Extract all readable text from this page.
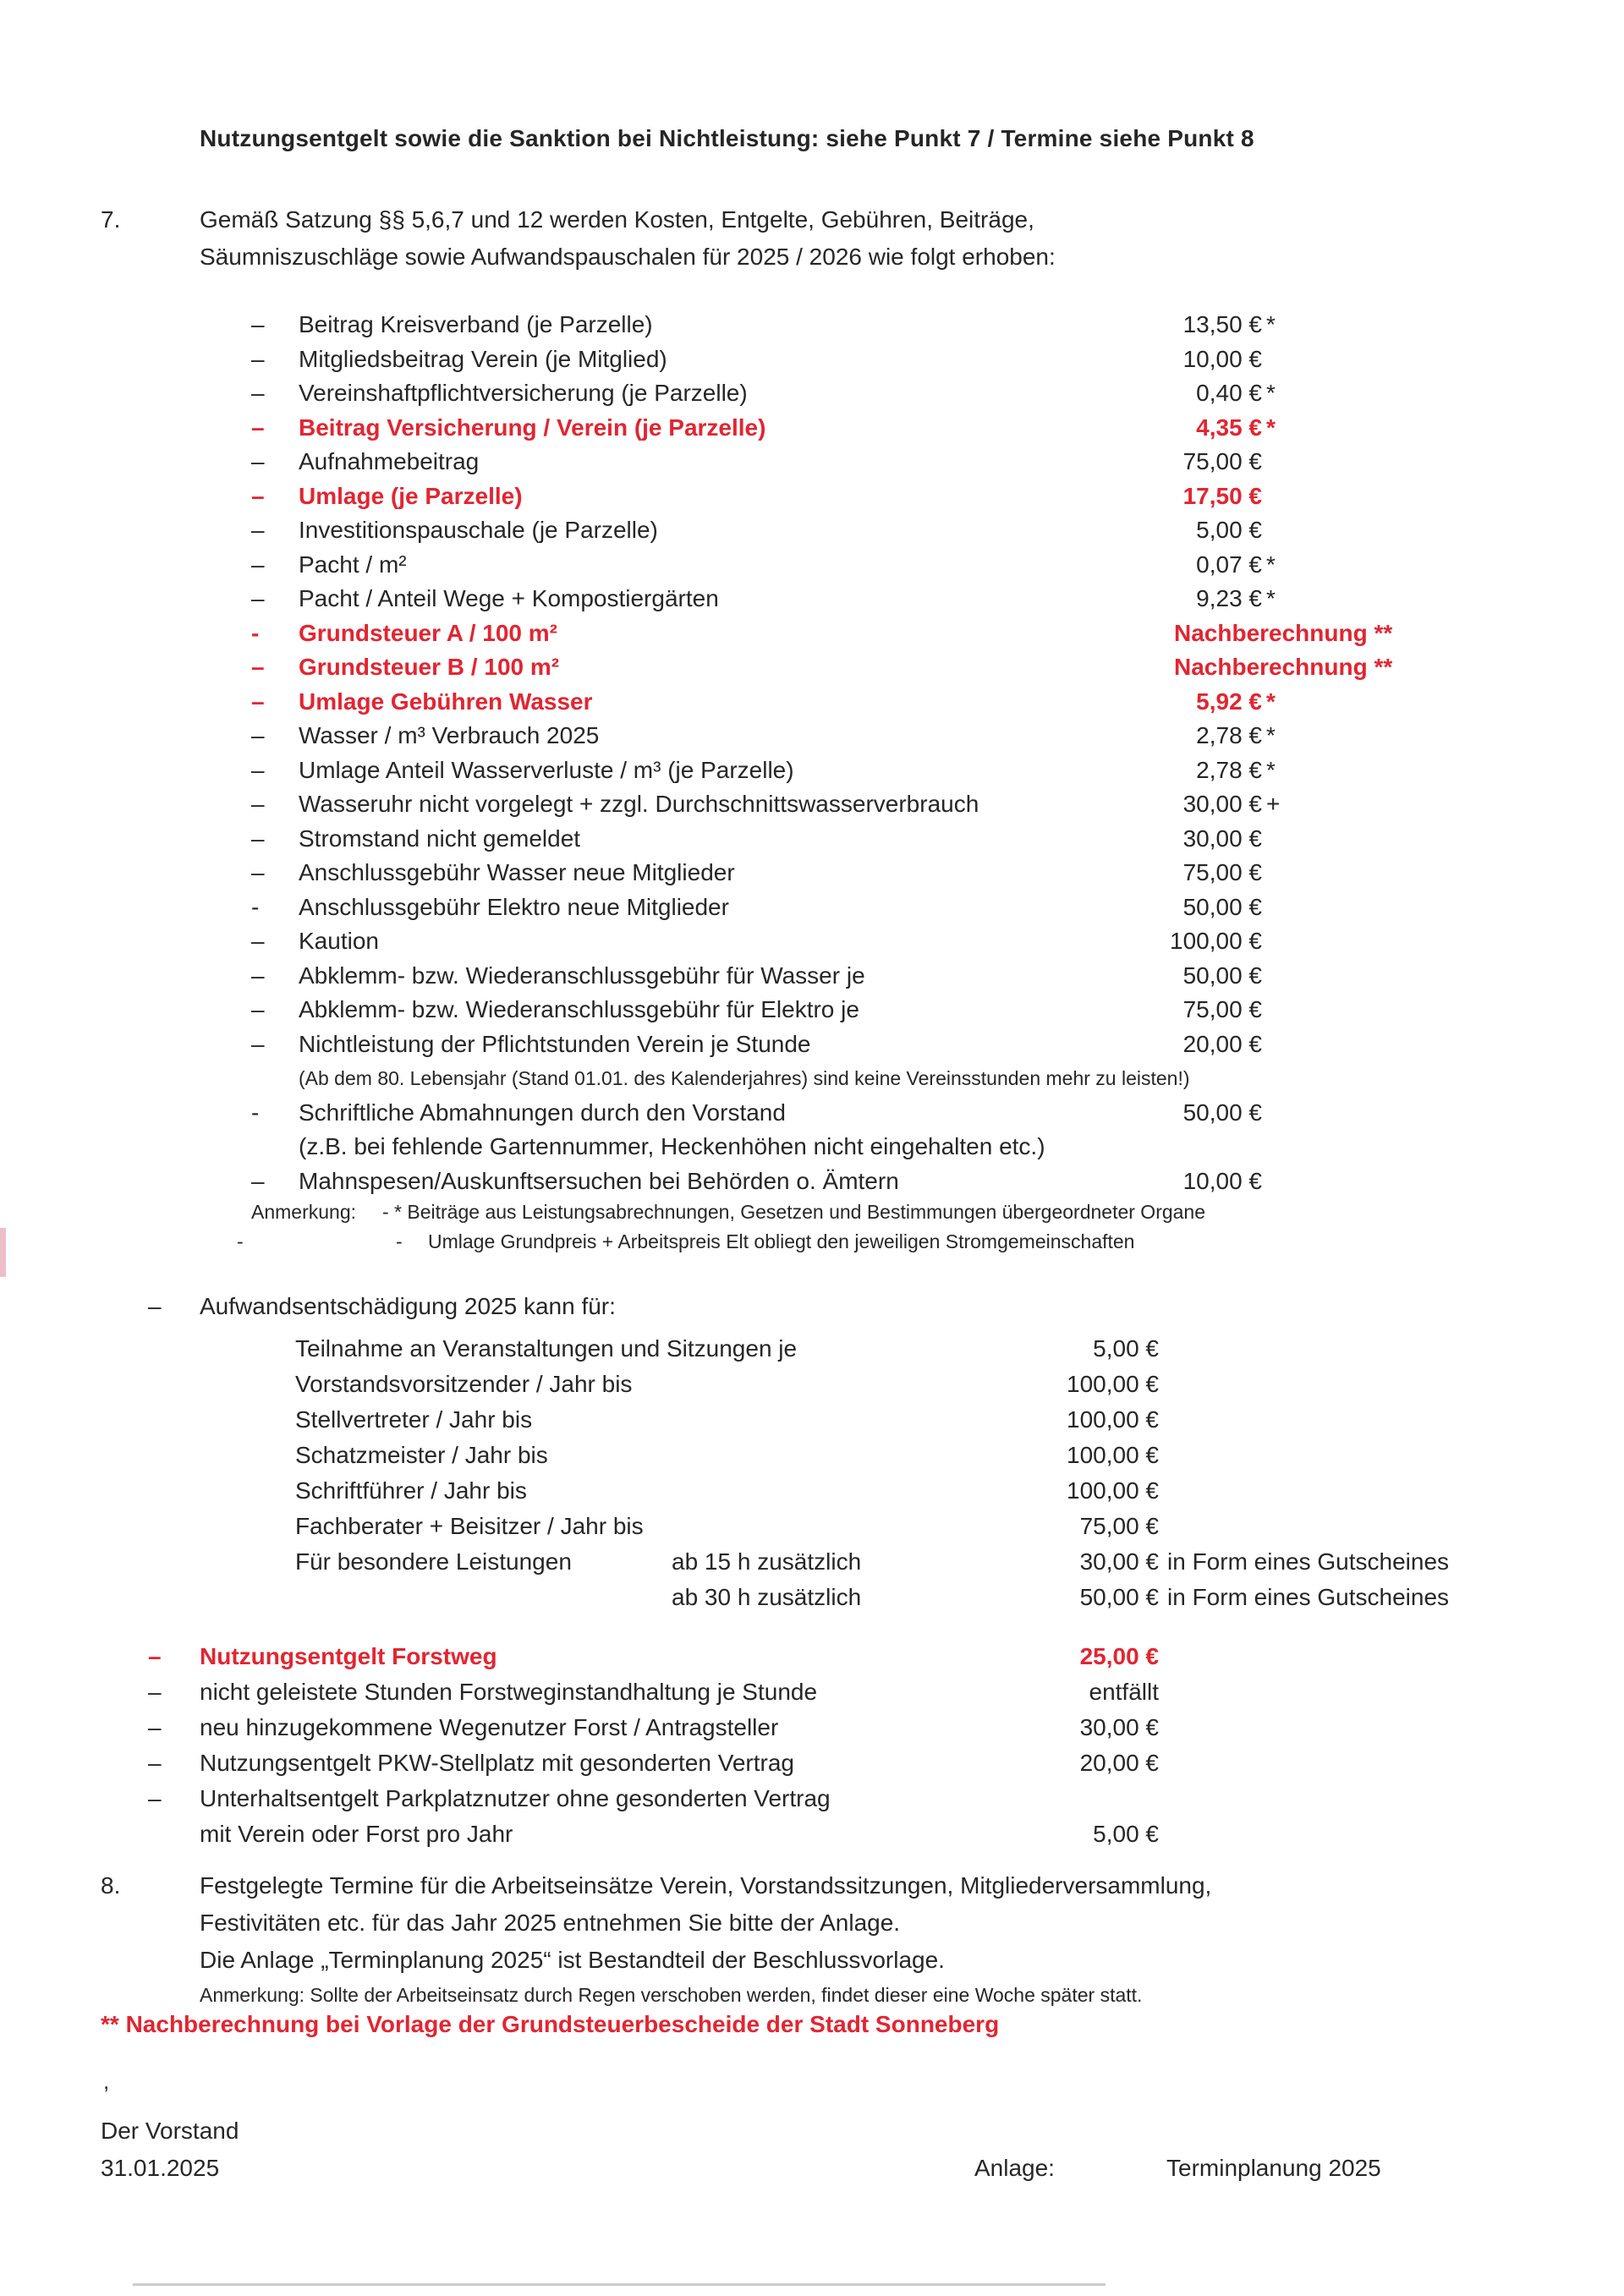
Nutzungsentgelt sowie die Sanktion bei Nichtleistung: siehe Punkt 7 / Termine siehe Punkt 8
7.	Gemäß Satzung §§ 5,6,7 und 12 werden Kosten, Entgelte, Gebühren, Beiträge,
Säumniszuschläge sowie Aufwandspauschalen für 2025 / 2026 wie folgt erhoben:
–	Beitrag Kreisverband (je Parzelle)	13,50 € *
–	Mitgliedsbeitrag Verein (je Mitglied)	10,00 €
–	Vereinshaftpflichtversicherung (je Parzelle)	0,40 € *
–	Beitrag Versicherung / Verein (je Parzelle)	4,35 € *
–	Aufnahmebeitrag	75,00 €
–	Umlage (je Parzelle)	17,50 €
–	Investitionspauschale (je Parzelle)	5,00 €
–	Pacht / m²	0,07 € *
–	Pacht / Anteil Wege + Kompostiergärten	9,23 € *
-	Grundsteuer A / 100 m²	Nachberechnung **
–	Grundsteuer B / 100 m²	Nachberechnung **
–	Umlage Gebühren Wasser	5,92 € *
–	Wasser / m³ Verbrauch 2025	2,78 € *
–	Umlage Anteil Wasserverluste / m³ (je Parzelle)	2,78 € *
–	Wasseruhr nicht vorgelegt + zzgl. Durchschnittswasserverbrauch	30,00 € +
–	Stromstand nicht gemeldet	30,00 €
–	Anschlussgebühr Wasser neue Mitglieder	75,00 €
-	Anschlussgebühr Elektro neue Mitglieder	50,00 €
–	Kaution	100,00 €
–	Abklemm- bzw. Wiederanschlussgebühr für Wasser je	50,00 €
–	Abklemm- bzw. Wiederanschlussgebühr für Elektro je	75,00 €
–	Nichtleistung der Pflichtstunden Verein je Stunde	20,00 €
(Ab dem 80. Lebensjahr (Stand 01.01. des Kalenderjahres) sind keine Vereinsstunden mehr zu leisten!)
-	Schriftliche Abmahnungen durch den Vorstand	50,00 €
(z.B. bei fehlende Gartennummer, Heckenhöhen nicht eingehalten etc.)
–	Mahnspesen/Auskunftsersuchen bei Behörden o. Ämtern	10,00 €
Anmerkung: - * Beiträge aus Leistungsabrechnungen, Gesetzen und Bestimmungen übergeordneter Organe
-	- Umlage Grundpreis + Arbeitspreis Elt obliegt den jeweiligen Stromgemeinschaften
– Aufwandsentschädigung 2025 kann für:
Teilnahme an Veranstaltungen und Sitzungen je	5,00 €
Vorstandsvorsitzender / Jahr bis	100,00 €
Stellvertreter / Jahr bis	100,00 €
Schatzmeister / Jahr bis	100,00 €
Schriftführer / Jahr bis	100,00 €
Fachberater + Beisitzer / Jahr bis	75,00 €
Für besondere Leistungen	ab 15 h zusätzlich	30,00 € in Form eines Gutscheines
ab 30 h zusätzlich	50,00 € in Form eines Gutscheines
–	Nutzungsentgelt Forstweg	25,00 €
–	nicht geleistete Stunden Forstweginstandhaltung je Stunde	entfällt
–	neu hinzugekommene Wegenutzer Forst / Antragsteller	30,00 €
–	Nutzungsentgelt PKW-Stellplatz mit gesonderten Vertrag	20,00 €
–	Unterhaltsentgelt Parkplatznutzer ohne gesonderten Vertrag
mit Verein oder Forst pro Jahr	5,00 €
8.	Festgelegte Termine für die Arbeitseinsätze Verein, Vorstandssitzungen, Mitgliederversammlung,
Festivitäten etc. für das Jahr 2025 entnehmen Sie bitte der Anlage.
Die Anlage „Terminplanung 2025“ ist Bestandteil der Beschlussvorlage.
Anmerkung: Sollte der Arbeitseinsatz durch Regen verschoben werden, findet dieser eine Woche später statt.
** Nachberechnung bei Vorlage der Grundsteuerbescheide der Stadt Sonneberg
,
Der Vorstand
31.01.2025	Anlage:	Terminplanung 2025
